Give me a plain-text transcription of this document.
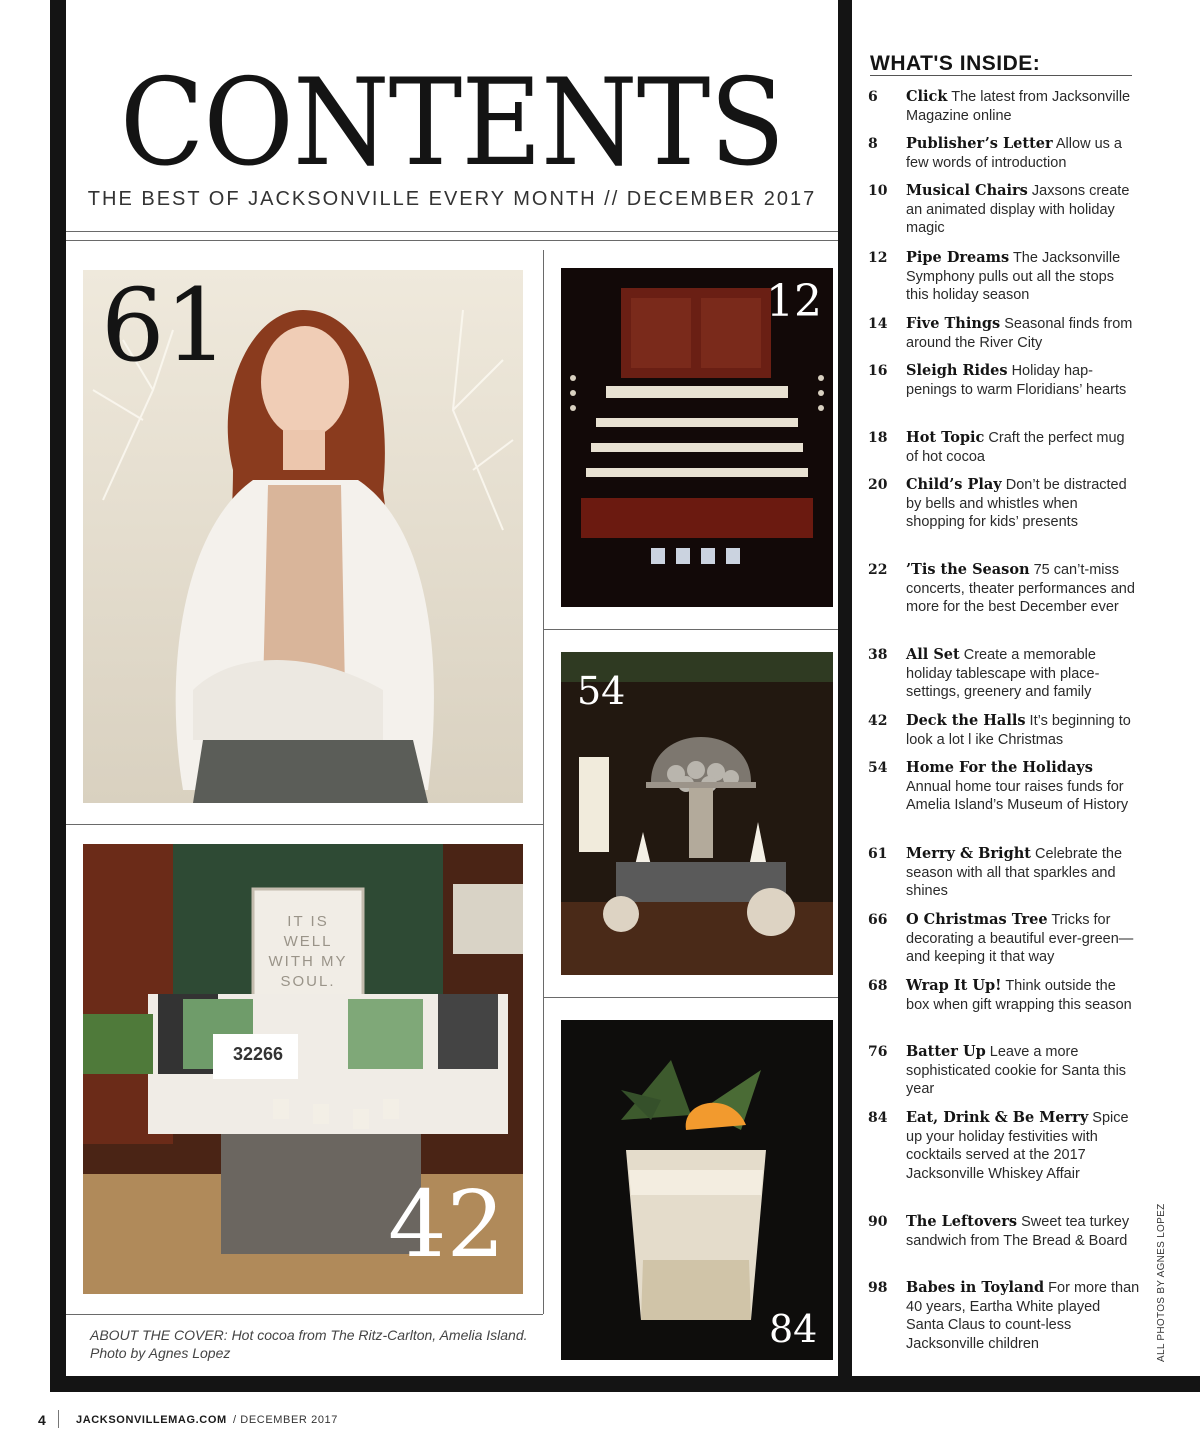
CONTENTS
THE BEST OF JACKSONVILLE EVERY MONTH // DECEMBER 2017
61	12
54
IT IS
WELL
WITH MY
SOUL.
32266
42
84
ABOUT THE COVER: Hot cocoa from The Ritz-Carlton, Amelia Island. Photo by Agnes Lopez
WHAT'S INSIDE:
6	Click The latest from Jacksonville Magazine online
8	Publisher’s Letter Allow us a few words of introduction
10	Musical Chairs Jaxsons create an animated display with holiday magic
12	Pipe Dreams The Jacksonville Symphony pulls out all the stops this holiday season
14	Five Things Seasonal finds from around the River City
16	Sleigh Rides Holiday hap-penings to warm Floridians’ hearts
18	Hot Topic Craft the perfect mug of hot cocoa
20	Child’s Play Don’t be distracted by bells and whistles when shopping for kids’ presents
22	’Tis the Season 75 can’t-miss concerts, theater performances and more for the best December ever
38	All Set Create a memorable holiday tablescape with place-settings, greenery and family
42	Deck the Halls It’s beginning to look a lot l ike Christmas
54	Home For the Holidays Annual home tour raises funds for Amelia Island’s Museum of History
61	Merry & Bright Celebrate the season with all that sparkles and shines
66	O Christmas Tree Tricks for decorating a beautiful ever-green—and keeping it that way
68	Wrap It Up! Think outside the box when gift wrapping this season
76	Batter Up Leave a more sophisticated cookie for Santa this year
84	Eat, Drink & Be Merry Spice up your holiday festivities with cocktails served at the 2017 Jacksonville Whiskey Affair
90	The Leftovers Sweet tea turkey sandwich from The Bread & Board
98	Babes in Toyland For more than 40 years, Eartha White played Santa Claus to count-less Jacksonville children	ALL PHOTOS BY AGNES LOPEZ
4	JACKSONVILLEMAG.COM / DECEMBER 2017
